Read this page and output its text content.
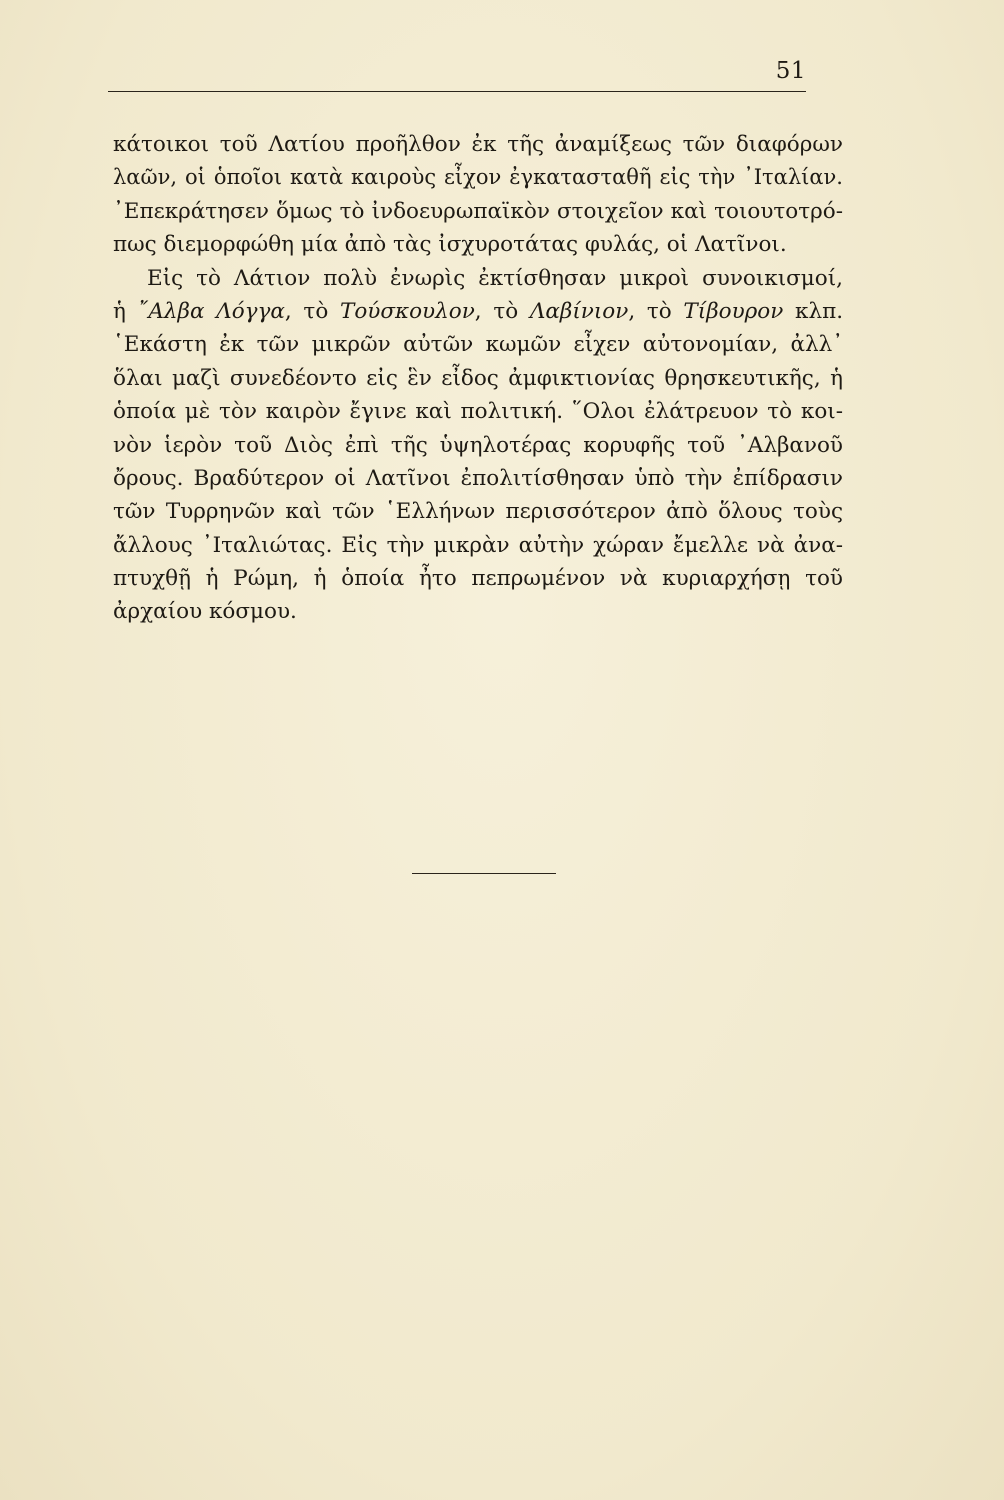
51
κάτοικοι τοῦ Λατίου προῆλθον ἐκ τῆς ἀναμίξεως τῶν διαφόρων
λαῶν, οἱ ὁποῖοι κατὰ καιροὺς εἶχον ἐγκατασταθῆ εἰς τὴν ᾿Ιταλίαν.
᾿Επεκράτησεν ὅμως τὸ ἰνδοευρωπαϊκὸν στοιχεῖον καὶ τοιουτοτρό-
πως διεμορφώθη μία ἀπὸ τὰς ἰσχυροτάτας φυλάς, οἱ Λατῖνοι.
Εἰς τὸ Λάτιον πολὺ ἐνωρὶς ἐκτίσθησαν μικροὶ συνοικισμοί,
ἡ ῎Αλβα Λόγγα, τὸ Τούσκουλον, τὸ Λαβίνιον, τὸ Τίβουρον κλπ.
῾Εκάστη ἐκ τῶν μικρῶν αὐτῶν κωμῶν εἶχεν αὐτονομίαν, ἀλλ᾽
ὅλαι μαζὶ συνεδέοντο εἰς ἓν εἶδος ἀμφικτιονίας θρησκευτικῆς, ἡ
ὁποία μὲ τὸν καιρὸν ἔγινε καὶ πολιτική. ῞Ολοι ἐλάτρευον τὸ κοι-
νὸν ἱερὸν τοῦ Διὸς ἐπὶ τῆς ὑψηλοτέρας κορυφῆς τοῦ ᾿Αλβανοῦ
ὄρους. Βραδύτερον οἱ Λατῖνοι ἐπολιτίσθησαν ὑπὸ τὴν ἐπίδρασιν
τῶν Τυρρηνῶν καὶ τῶν ῾Ελλήνων περισσότερον ἀπὸ ὅλους τοὺς
ἄλλους ᾿Ιταλιώτας. Εἰς τὴν μικρὰν αὐτὴν χώραν ἔμελλε νὰ ἀνα-
πτυχθῇ ἡ Ρώμη, ἡ ὁποία ἦτο πεπρωμένον νὰ κυριαρχήσῃ τοῦ
ἀρχαίου κόσμου.
